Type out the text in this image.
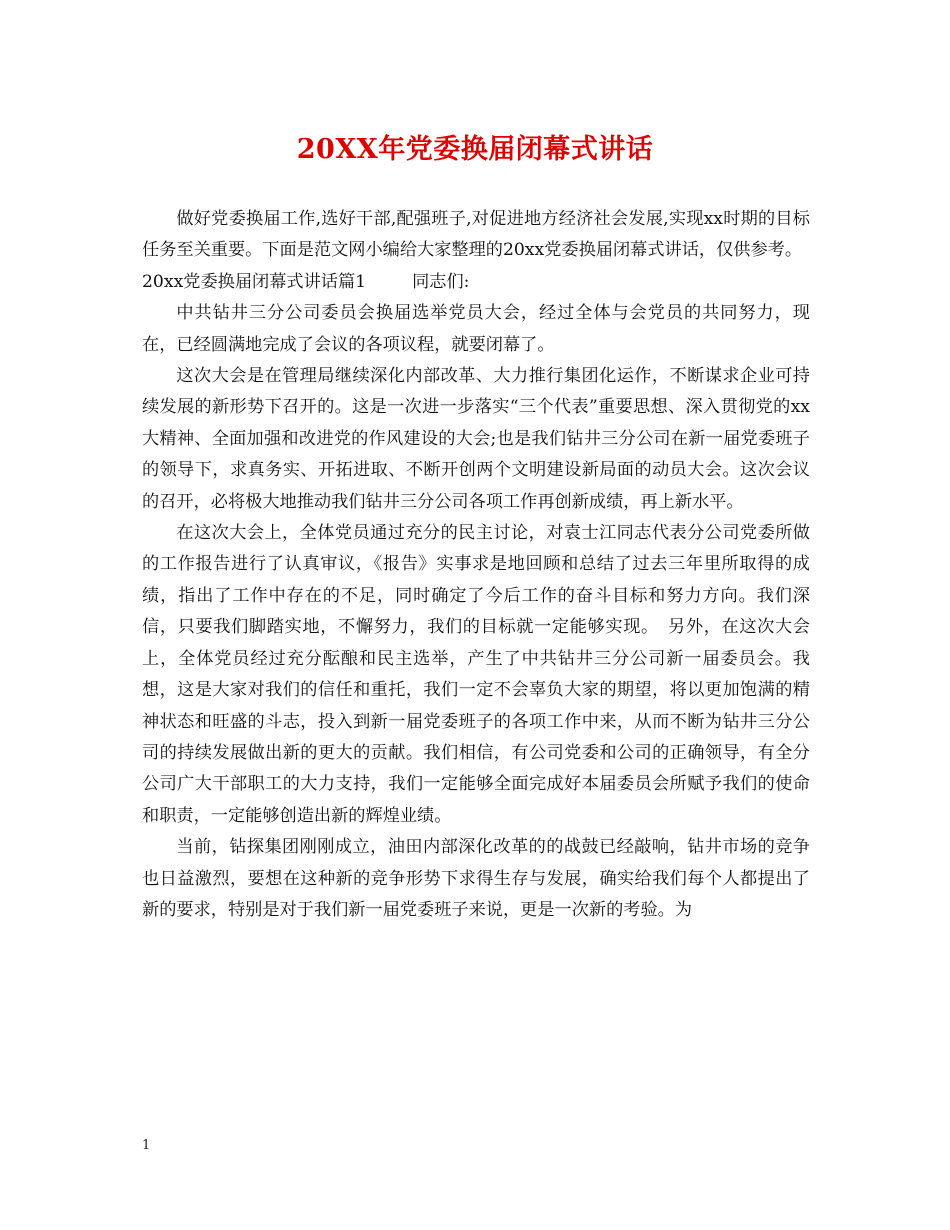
20XX年党委换届闭幕式讲话

做好党委换届工作,选好干部,配强班子,对促进地方经济社会发展,实现xx时期的目标任务至关重要。下面是范文网小编给大家整理的20xx党委换届闭幕式讲话，仅供参考。

20xx党委换届闭幕式讲话篇1	同志们:

中共钻井三分公司委员会换届选举党员大会，经过全体与会党员的共同努力，现在，已经圆满地完成了会议的各项议程，就要闭幕了。

这次大会是在管理局继续深化内部改革、大力推行集团化运作，不断谋求企业可持续发展的新形势下召开的。这是一次进一步落实“三个代表”重要思想、深入贯彻党的xx大精神、全面加强和改进党的作风建设的大会;也是我们钻井三分公司在新一届党委班子的领导下，求真务实、开拓进取、不断开创两个文明建设新局面的动员大会。这次会议的召开，必将极大地推动我们钻井三分公司各项工作再创新成绩，再上新水平。

在这次大会上，全体党员通过充分的民主讨论，对袁士江同志代表分公司党委所做的工作报告进行了认真审议，《报告》实事求是地回顾和总结了过去三年里所取得的成绩，指出了工作中存在的不足，同时确定了今后工作的奋斗目标和努力方向。我们深信，只要我们脚踏实地，不懈努力，我们的目标就一定能够实现。　另外，在这次大会上，全体党员经过充分酝酿和民主选举，产生了中共钻井三分公司新一届委员会。我想，这是大家对我们的信任和重托，我们一定不会辜负大家的期望，将以更加饱满的精神状态和旺盛的斗志，投入到新一届党委班子的各项工作中来，从而不断为钻井三分公司的持续发展做出新的更大的贡献。我们相信，有公司党委和公司的正确领导，有全分公司广大干部职工的大力支持，我们一定能够全面完成好本届委员会所赋予我们的使命和职责，一定能够创造出新的辉煌业绩。

当前，钻探集团刚刚成立，油田内部深化改革的的战鼓已经敲响，钻井市场的竞争也日益激烈，要想在这种新的竞争形势下求得生存与发展，确实给我们每个人都提出了新的要求，特别是对于我们新一届党委班子来说，更是一次新的考验。为

1
